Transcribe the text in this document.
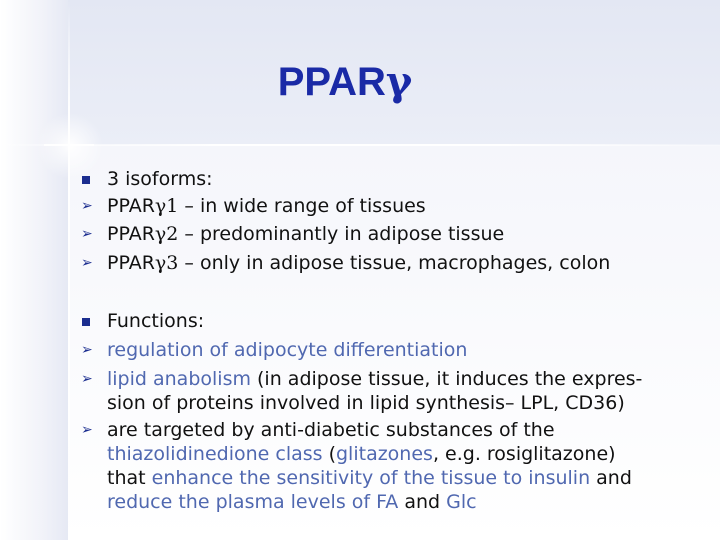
PPARγ
3 isoforms:
➢ PPARγ1 – in wide range of tissues
➢ PPARγ2 – predominantly in adipose tissue
➢ PPARγ3 – only in adipose tissue, macrophages, colon
Functions:
➢ regulation of adipocyte differentiation
➢ lipid anabolism (in adipose tissue, it induces the expres-
sion of proteins involved in lipid synthesis– LPL, CD36)
➢ are targeted by anti-diabetic substances of the
thiazolidinedione class (glitazones, e.g. rosiglitazone)
that enhance the sensitivity of the tissue to insulin and
reduce the plasma levels of FA and Glc
